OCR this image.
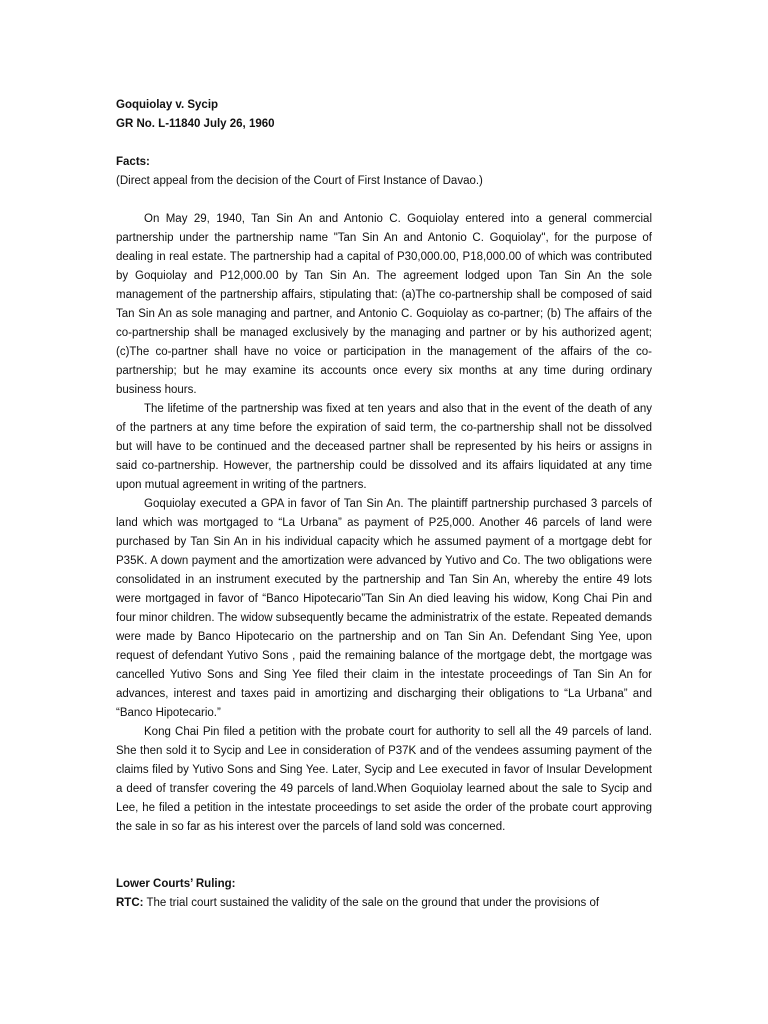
Goquiolay v. Sycip

GR No. L-11840 July 26, 1960

Facts:

(Direct appeal from the decision of the Court of First Instance of Davao.)

On May 29, 1940, Tan Sin An and Antonio C. Goquiolay entered into a general commercial partnership under the partnership name "Tan Sin An and Antonio C. Goquiolay", for the purpose of dealing in real estate. The partnership had a capital of P30,000.00, P18,000.00 of which was contributed by Goquiolay and P12,000.00 by Tan Sin An. The agreement lodged upon Tan Sin An the sole management of the partnership affairs, stipulating that: (a)The co-partnership shall be composed of said Tan Sin An as sole managing and partner, and Antonio C. Goquiolay as co-partner; (b) The affairs of the co-partnership shall be managed exclusively by the managing and partner or by his authorized agent; (c)The co-partner shall have no voice or participation in the management of the affairs of the co-partnership; but he may examine its accounts once every six months at any time during ordinary business hours.

The lifetime of the partnership was fixed at ten years and also that in the event of the death of any of the partners at any time before the expiration of said term, the co-partnership shall not be dissolved but will have to be continued and the deceased partner shall be represented by his heirs or assigns in said co-partnership. However, the partnership could be dissolved and its affairs liquidated at any time upon mutual agreement in writing of the partners.

Goquiolay executed a GPA in favor of Tan Sin An. The plaintiff partnership purchased 3 parcels of land which was mortgaged to “La Urbana” as payment of P25,000. Another 46 parcels of land were purchased by Tan Sin An in his individual capacity which he assumed payment of a mortgage debt for P35K. A down payment and the amortization were advanced by Yutivo and Co. The two obligations were consolidated in an instrument executed by the partnership and Tan Sin An, whereby the entire 49 lots were mortgaged in favor of “Banco Hipotecario”Tan Sin An died leaving his widow, Kong Chai Pin and four minor children. The widow subsequently became the administratrix of the estate. Repeated demands were made by Banco Hipotecario on the partnership and on Tan Sin An. Defendant Sing Yee, upon request of defendant Yutivo Sons , paid the remaining balance of the mortgage debt, the mortgage was cancelled Yutivo Sons and Sing Yee filed their claim in the intestate proceedings of Tan Sin An for advances, interest and taxes paid in amortizing and discharging their obligations to “La Urbana” and “Banco Hipotecario.”

Kong Chai Pin filed a petition with the probate court for authority to sell all the 49 parcels of land. She then sold it to Sycip and Lee in consideration of P37K and of the vendees assuming payment of the claims filed by Yutivo Sons and Sing Yee. Later, Sycip and Lee executed in favor of Insular Development a deed of transfer covering the 49 parcels of land.When Goquiolay learned about the sale to Sycip and Lee, he filed a petition in the intestate proceedings to set aside the order of the probate court approving the sale in so far as his interest over the parcels of land sold was concerned.

Lower Courts’ Ruling:

RTC: The trial court sustained the validity of the sale on the ground that under the provisions of
